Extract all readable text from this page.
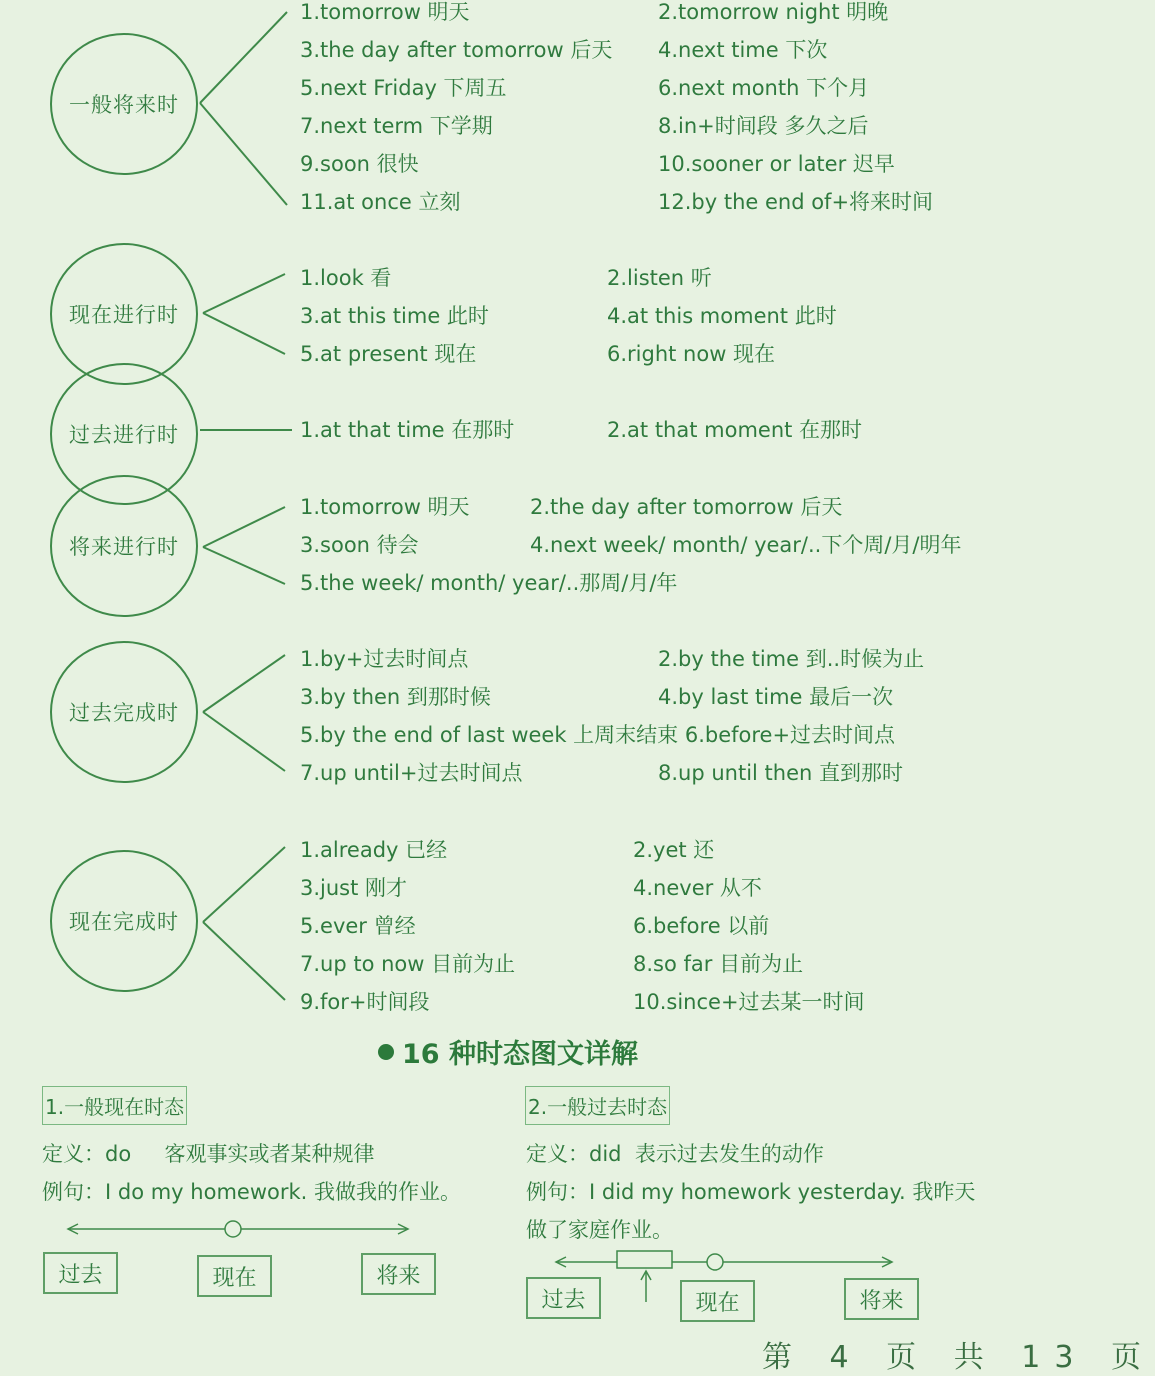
一般将来时
现在进行时
过去进行时
将来进行时
过去完成时
现在完成时
1.tomorrow 明天	2.tomorrow night 明晚
3.the day after tomorrow 后天 4.next time 下次
5.next Friday 下周五	6.next month 下个月
7.next term 下学期	8.in+时间段 多久之后
9.soon 很快	10.sooner or later 迟早
11.at once 立刻	12.by the end of+将来时间
1.look 看	2.listen 听
3.at this time 此时	4.at this moment 此时
5.at present 现在	6.right now 现在
1.at that time 在那时	2.at that moment 在那时
1.tomorrow 明天	2.the day after tomorrow 后天
3.soon 待会	4.next week/ month/ year/..下个周/月/明年
5.the week/ month/ year/..那周/月/年
1.by+过去时间点	2.by the time 到..时候为止
3.by then 到那时候	4.by last time 最后一次
5.by the end of last week 上周末结束 6.before+过去时间点
7.up until+过去时间点	8.up until then 直到那时
1.already 已经	2.yet 还
3.just 刚才	4.never 从不
5.ever 曾经	6.before 以前
7.up to now 目前为止	8.so far 目前为止
9.for+时间段	10.since+过去某一时间
16 种时态图文详解
1.一般现在时态
定义：do     客观事实或者某种规律
例句：I do my homework. 我做我的作业。
过去	现在	将来
2.一般过去时态
定义：did  表示过去发生的动作
例句：I did my homework yesterday. 我昨天
做了家庭作业。
过去	现在	将来
第 4 页 共 13 页
